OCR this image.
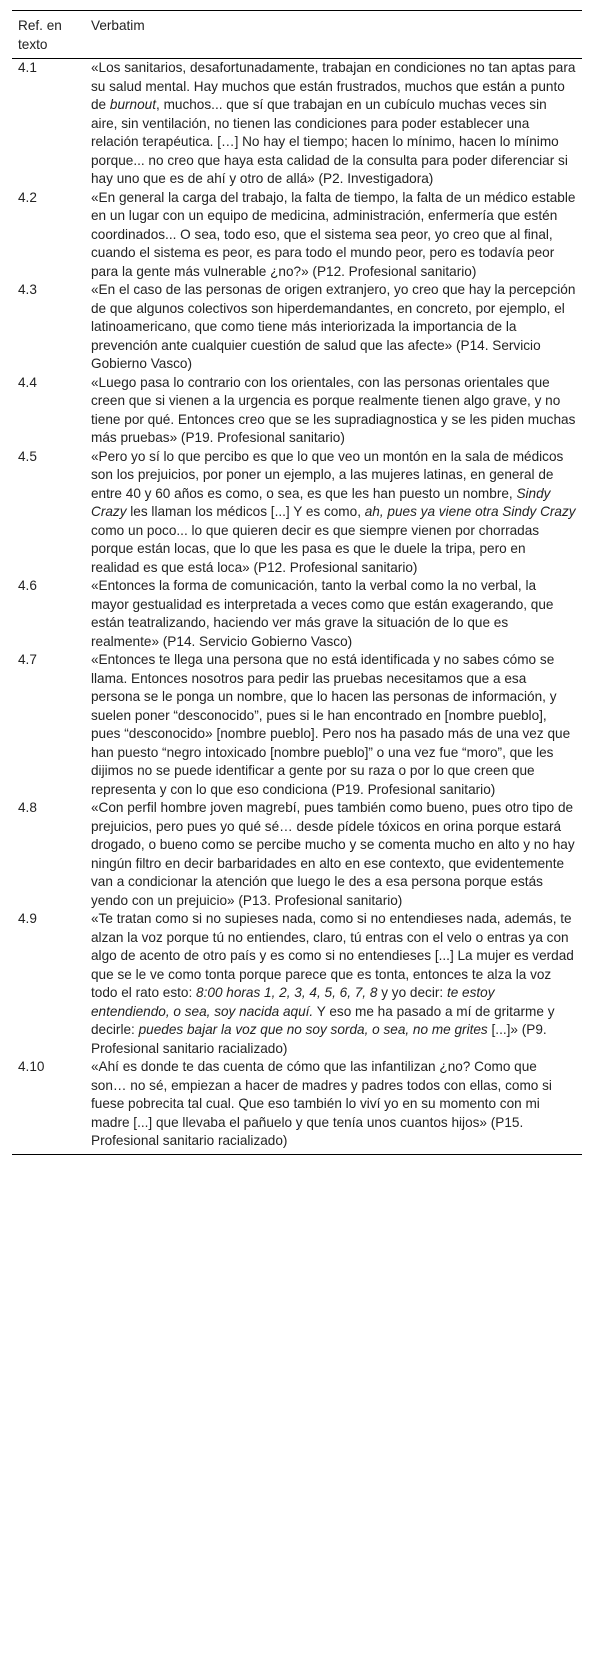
Ref. en texto	Verbatim
4.1	«Los sanitarios, desafortunadamente, trabajan en condiciones no tan aptas para su salud mental. Hay muchos que están frustrados, muchos que están a punto de burnout, muchos... que sí que trabajan en un cubículo muchas veces sin aire, sin ventilación, no tienen las condiciones para poder establecer una relación terapéutica. […] No hay el tiempo; hacen lo mínimo, hacen lo mínimo porque... no creo que haya esta calidad de la consulta para poder diferenciar si hay uno que es de ahí y otro de allá» (P2. Investigadora)
4.2	«En general la carga del trabajo, la falta de tiempo, la falta de un médico estable en un lugar con un equipo de medicina, administración, enfermería que estén coordinados... O sea, todo eso, que el sistema sea peor, yo creo que al final, cuando el sistema es peor, es para todo el mundo peor, pero es todavía peor para la gente más vulnerable ¿no?» (P12. Profesional sanitario)
4.3	«En el caso de las personas de origen extranjero, yo creo que hay la percepción de que algunos colectivos son hiperdemandantes, en concreto, por ejemplo, el latinoamericano, que como tiene más interiorizada la importancia de la prevención ante cualquier cuestión de salud que las afecte» (P14. Servicio Gobierno Vasco)
4.4	«Luego pasa lo contrario con los orientales, con las personas orientales que creen que si vienen a la urgencia es porque realmente tienen algo grave, y no tiene por qué. Entonces creo que se les supradiagnostica y se les piden muchas más pruebas» (P19. Profesional sanitario)
4.5	«Pero yo sí lo que percibo es que lo que veo un montón en la sala de médicos son los prejuicios, por poner un ejemplo, a las mujeres latinas, en general de entre 40 y 60 años es como, o sea, es que les han puesto un nombre, Sindy Crazy les llaman los médicos [...] Y es como, ah, pues ya viene otra Sindy Crazy como un poco... lo que quieren decir es que siempre vienen por chorradas porque están locas, que lo que les pasa es que le duele la tripa, pero en realidad es que está loca» (P12. Profesional sanitario)
4.6	«Entonces la forma de comunicación, tanto la verbal como la no verbal, la mayor gestualidad es interpretada a veces como que están exagerando, que están teatralizando, haciendo ver más grave la situación de lo que es realmente» (P14. Servicio Gobierno Vasco)
4.7	«Entonces te llega una persona que no está identificada y no sabes cómo se llama. Entonces nosotros para pedir las pruebas necesitamos que a esa persona se le ponga un nombre, que lo hacen las personas de información, y suelen poner “desconocido”, pues si le han encontrado en [nombre pueblo], pues “desconocido» [nombre pueblo]. Pero nos ha pasado más de una vez que han puesto “negro intoxicado [nombre pueblo]” o una vez fue “moro”, que les dijimos no se puede identificar a gente por su raza o por lo que creen que representa y con lo que eso condiciona (P19. Profesional sanitario)
4.8	«Con perfil hombre joven magrebí, pues también como bueno, pues otro tipo de prejuicios, pero pues yo qué sé… desde pídele tóxicos en orina porque estará drogado, o bueno como se percibe mucho y se comenta mucho en alto y no hay ningún filtro en decir barbaridades en alto en ese contexto, que evidentemente van a condicionar la atención que luego le des a esa persona porque estás yendo con un prejuicio» (P13. Profesional sanitario)
4.9	«Te tratan como si no supieses nada, como si no entendieses nada, además, te alzan la voz porque tú no entiendes, claro, tú entras con el velo o entras ya con algo de acento de otro país y es como si no entendieses [...] La mujer es verdad que se le ve como tonta porque parece que es tonta, entonces te alza la voz todo el rato esto: 8:00 horas 1, 2, 3, 4, 5, 6, 7, 8 y yo decir: te estoy entendiendo, o sea, soy nacida aquí. Y eso me ha pasado a mí de gritarme y decirle: puedes bajar la voz que no soy sorda, o sea, no me grites [...]» (P9. Profesional sanitario racializado)
4.10	«Ahí es donde te das cuenta de cómo que las infantilizan ¿no? Como que son… no sé, empiezan a hacer de madres y padres todos con ellas, como si fuese pobrecita tal cual. Que eso también lo viví yo en su momento con mi madre [...] que llevaba el pañuelo y que tenía unos cuantos hijos» (P15. Profesional sanitario racializado)
